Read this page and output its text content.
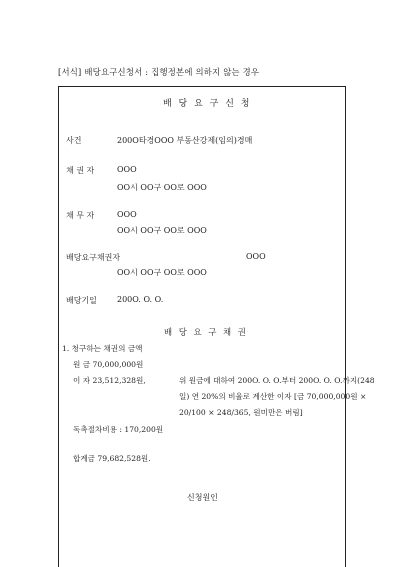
[서식] 배당요구신청서 : 집행정본에 의하지 않는 경우
배 당 요 구 신 청
사건	200O타경OOO 부동산강제(임의)경매
채 권 자	OOO
OO시 OO구 OO로 OOO
채 무 자	OOO
OO시 OO구 OO로 OOO
배당요구채권자	OOO
OO시 OO구 OO로 OOO
배당기일	200O. O. O.
배 당 요 구 채 권
1. 청구하는 채권의 금액
원 금 70,000,000원
이 자 23,512,328원,	위 원금에 대하여 200O. O. O.부터 200O. O. O.까지(248
일) 연 20%의 비율로 계산한 이자 [금 70,000,000원 ×
20/100 × 248/365, 원미만은 버림]
독촉절차비용 : 170,200원
합계금 79,682,528원.
신청원인
